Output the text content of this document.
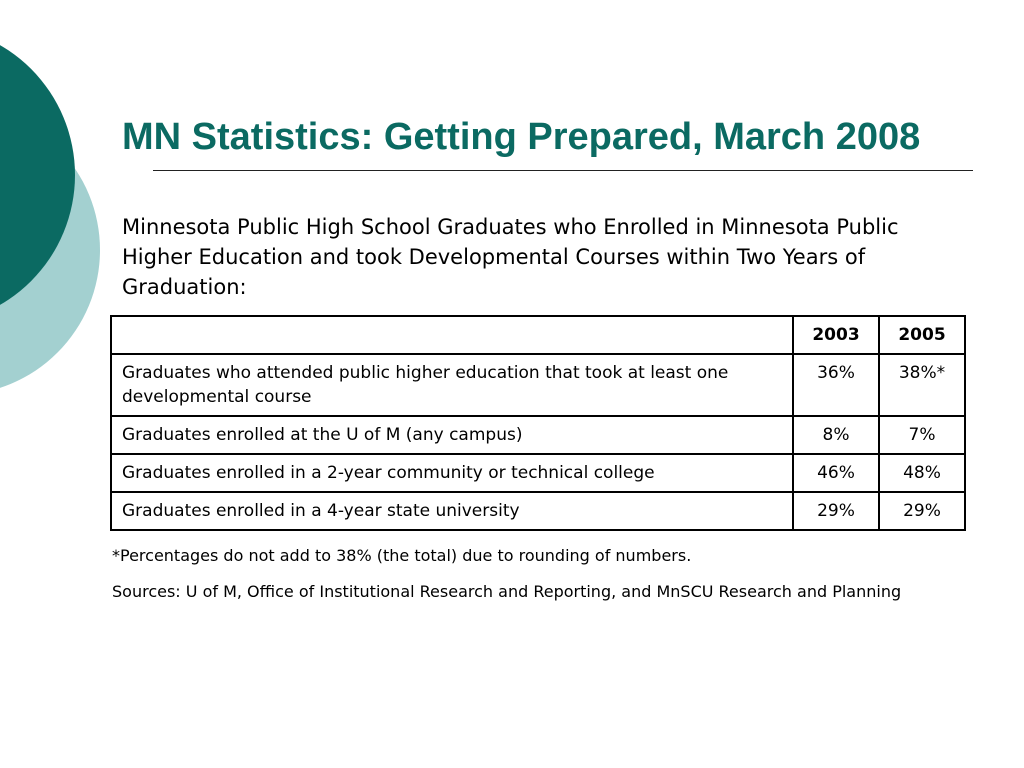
MN Statistics: Getting Prepared, March 2008

Minnesota Public High School Graduates who Enrolled in Minnesota Public Higher Education and took Developmental Courses within Two Years of Graduation:

	2003	2005
Graduates who attended public higher education that took at least one developmental course	36%	38%*
Graduates enrolled at the U of M (any campus)	8%	7%
Graduates enrolled in a 2-year community or technical college	46%	48%
Graduates enrolled in a 4-year state university	29%	29%

*Percentages do not add to 38% (the total) due to rounding of numbers.

Sources: U of M, Office of Institutional Research and Reporting, and MnSCU Research and Planning
